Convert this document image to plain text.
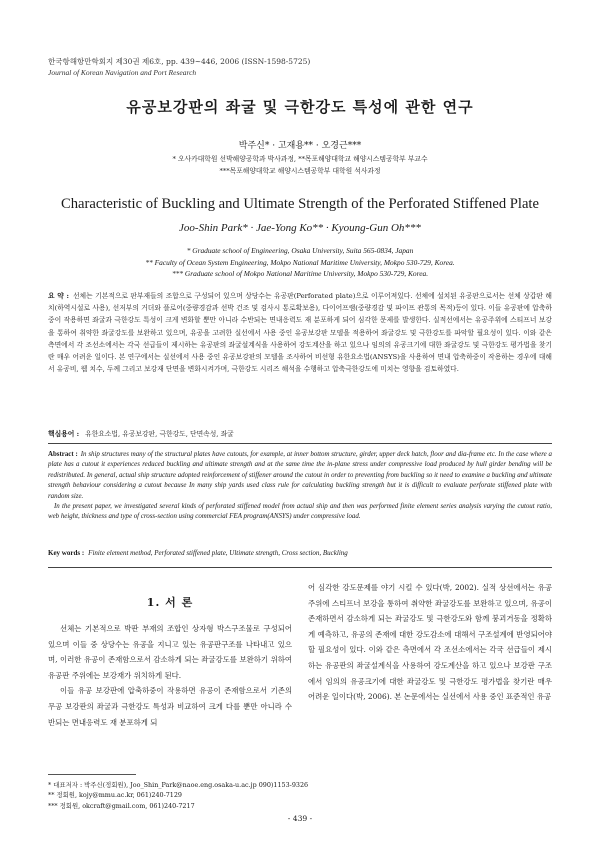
한국항해항만학회지 제30권 제6호, pp. 439~446, 2006 (ISSN-1598-5725)
Journal of Korean Navigation and Port Research
유공보강판의 좌굴 및 극한강도 특성에 관한 연구
박주신* · 고재용** · 오경근***
* 오사카대학원 선박해양공학과 박사과정, **목포해양대학교 해양시스템공학부 부교수
***목포해양대학교 해양시스템공학부 대학원 석사과정
Characteristic of Buckling and Ultimate Strength of the Perforated Stiffened Plate
Joo-Shin Park* · Jae-Yong Ko** · Kyoung-Gun Oh***
* Graduate school of Engineering, Osaka University, Suita 565-0834, Japan
** Faculty of Ocean System Engineering, Mokpo National Maritime University, Mokpo 530-729, Korea.
*** Graduate school of Mokpo National Maritime University, Mokpo 530-729, Korea.
요 약 : 선체는 기본적으로 판부재들의 조합으로 구성되어 있으며 상당수는 유공판(Perforated plate)으로 이루어져있다. 선체에 설치된 유공판으로서는 선체 상갑판 해치(하역시설로 사용), 선저부의 거더와 플로어(중량경감과 선박 건조 및 검사시 통로확보용), 다이어프램(중량경감 및 파이프 관통의 목적)등이 있다. 이들 유공판에 압축하중이 작용하면 좌굴과 극한강도 특성이 크게 변화할 뿐만 아니라 수반되는 면내응력도 재 분포하게 되어 심각한 문제를 발생한다. 실적선에서는 유공주위에 스티프너 보강을 통하여 취약한 좌굴강도를 보완하고 있으며, 유공을 고려한 실선에서 사용 중인 유공보강판 모델을 적용하여 좌굴강도 및 극한강도를 파악할 필요성이 있다. 이와 같은 측면에서 각 조선소에서는 각국 선급들이 제시하는 유공판의 좌굴설계식을 사용하여 강도계산을 하고 있으나 임의의 유공크기에 대한 좌굴강도 및 극한강도 평가법을 찾기란 매우 어려운 일이다. 본 연구에서는 실선에서 사용 중인 유공보강판의 모델을 조사하여 비선형 유한요소법(ANSYS)을 사용하여 면내 압축하중이 작용하는 경우에 대해서 유공비, 웹 치수, 두께 그리고 보강재 단면을 변화시켜가며, 극한강도 시리즈 해석을 수행하고 압축극한강도에 미치는 영향을 검토하였다.
핵심용어 : 유한요소법, 유공보강판, 극한강도, 단면속성, 좌굴
Abstract : In ship structures many of the structural plates have cutouts, for example, at inner bottom structure, girder, upper deck hatch, floor and dia-frame etc. In the case where a plate has a cutout it experiences reduced buckling and ultimate strength and at the same time the in-plane stress under compressive load produced by hull girder bending will be redistributed. In general, actual ship structure adopted reinforcement of stiffener around the cutout in order to preventing from buckling so it need to examine a buckling and ultimate strength behaviour considering a cutout because In many ship yards used class rule for calculating buckling strength but it is difficult to evaluate perforate stiffened plate with random size.
In the present paper, we investigated several kinds of perforated stiffened model from actual ship and then was performed finite element series analysis varying the cutout ratio, web height, thickness and type of cross-section using commercial FEA program(ANSYS) under compressive load.
Key words : Finite element method, Perforated stiffened plate, Ultimate strength, Cross section, Buckling
1. 서 론

선체는 기본적으로 박판 부재의 조합인 상자형 박스구조물로 구성되어 있으며 이들 중 상당수는 유공을 지니고 있는 유공판구조를 나타내고 있으며, 이러한 유공이 존재함으로서 감소하게 되는 좌굴강도를 보완하기 위하여 유공판 주위에는 보강재가 위치하게 된다.

이들 유공 보강판에 압축하중이 작용하면 유공이 존재함으로서 기존의 무공 보강판의 좌굴과 극한강도 특성과 비교하여 크게 다를 뿐만 아니라 수반되는 면내응력도 재 분포하게 되

어 심각한 강도문제를 야기 시킬 수 있다(박, 2002). 실적 상선에서는 유공주위에 스티프너 보강을 통하여 취약한 좌굴강도를 보완하고 있으며, 유공이 존재하면서 감소하게 되는 좌굴강도 및 극한강도와 함께 붕괴거동을 정확하게 예측하고, 유공의 존재에 대한 강도감소에 대해서 구조설계에 반영되어야 할 필요성이 있다. 이와 같은 측면에서 각 조선소에서는 각국 선급들이 제시하는 유공판의 좌굴설계식을 사용하여 강도계산을 하고 있으나 보강판 구조에서 임의의 유공크기에 대한 좌굴강도 및 극한강도 평가법을 찾기란 매우 어려운 일이다(박, 2006). 본 논문에서는 실선에서 사용 중인 표준적인 유공

* 대표저자 : 박주신(정회원), Joo_Shin_Park@naoe.eng.osaka-u.ac.jp 090)1153-9326
** 정회원, kojy@mmu.ac.kr, 061)240-7129
*** 정회원, okcraft@gmail.com, 061)240-7217
- 439 -
